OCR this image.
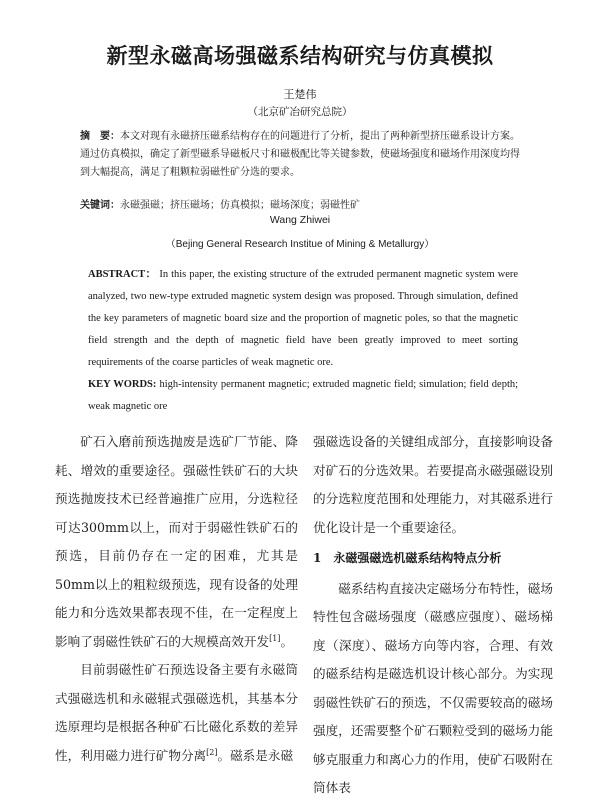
新型永磁高场强磁系结构研究与仿真模拟
王楚伟
（北京矿冶研究总院）
摘　要：本文对现有永磁挤压磁系结构存在的问题进行了分析，提出了两种新型挤压磁系设计方案。通过仿真模拟，确定了新型磁系导磁板尺寸和磁极配比等关键参数，使磁场强度和磁场作用深度均得到大幅提高，满足了粗颗粒弱磁性矿分选的要求。
关键词：永磁强磁；挤压磁场；仿真模拟；磁场深度；弱磁性矿
Wang Zhiwei
（Bejing General Research Institue of Mining & Metallurgy）
ABSTRACT： In this paper, the existing structure of the extruded permanent magnetic system were analyzed, two new-type extruded magnetic system design was proposed. Through simulation, defined the key parameters of magnetic board size and the proportion of magnetic poles, so that the magnetic field strength and the depth of magnetic field have been greatly improved to meet sorting requirements of the coarse particles of weak magnetic ore.
KEY WORDS: high-intensity permanent magnetic; extruded magnetic field; simulation; field depth; weak magnetic ore

矿石入磨前预选抛废是选矿厂节能、降耗、增效的重要途径。强磁性铁矿石的大块预选抛废技术已经普遍推广应用，分选粒径可达300mm以上，而对于弱磁性铁矿石的预选，目前仍存在一定的困难，尤其是50mm以上的粗粒级预选，现有设备的处理能力和分选效果都表现不佳，在一定程度上影响了弱磁性铁矿石的大规模高效开发[1]。

目前弱磁性矿石预选设备主要有永磁筒式强磁选机和永磁辊式强磁选机，其基本分选原理均是根据各种矿石比磁化系数的差异性，利用磁力进行矿物分离[2]。磁系是永磁

强磁选设备的关键组成部分，直接影响设备对矿石的分选效果。若要提高永磁强磁设别的分选粒度范围和处理能力，对其磁系进行优化设计是一个重要途径。

1　永磁强磁选机磁系结构特点分析

磁系结构直接决定磁场分布特性，磁场特性包含磁场强度（磁感应强度）、磁场梯度（深度）、磁场方向等内容，合理、有效的磁系结构是磁选机设计核心部分。为实现弱磁性铁矿石的预选，不仅需要较高的磁场强度，还需要整个矿石颗粒受到的磁场力能够克服重力和离心力的作用，使矿石吸附在筒体表
